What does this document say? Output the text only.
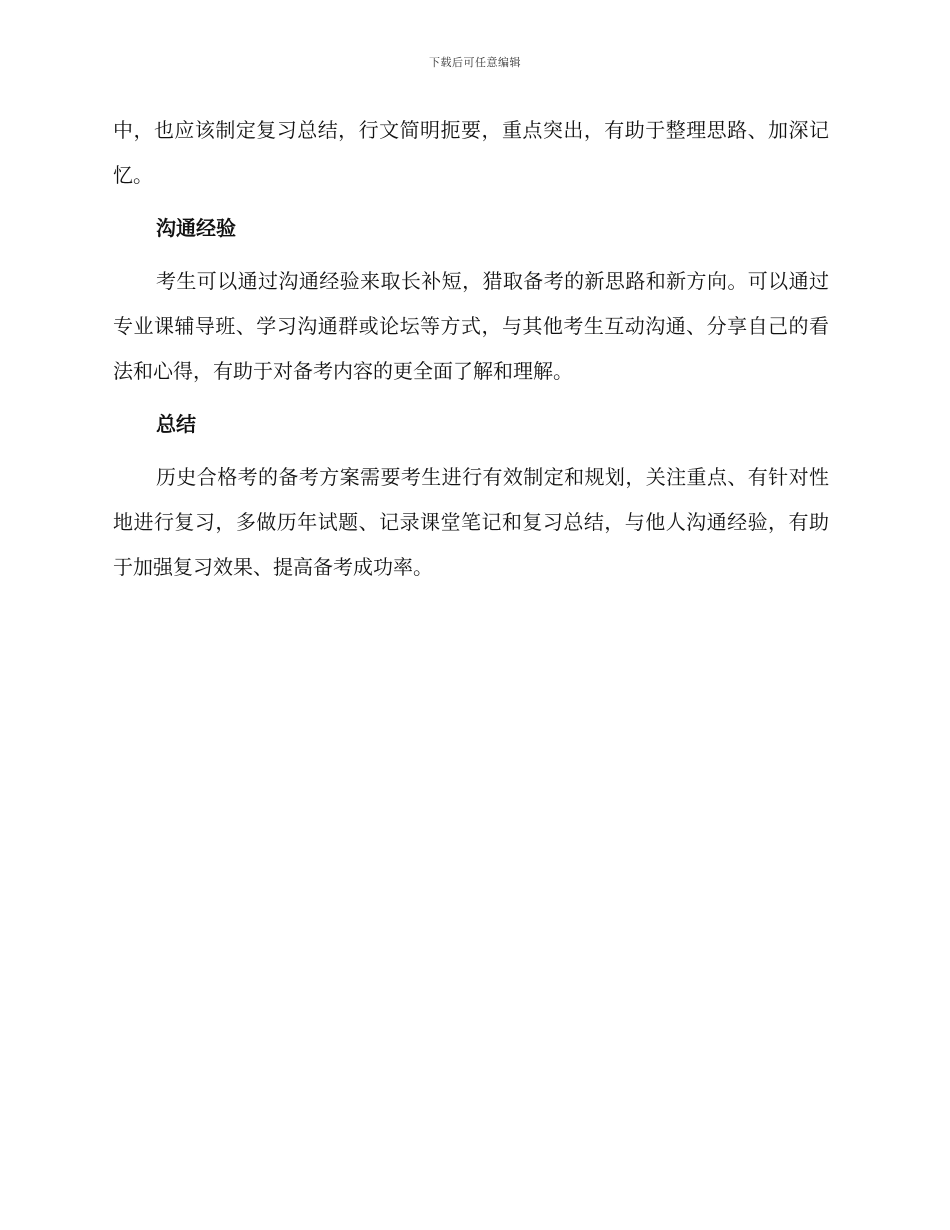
下载后可任意编辑

中，也应该制定复习总结，行文简明扼要，重点突出，有助于整理思路、加深记忆。

沟通经验

考生可以通过沟通经验来取长补短，猎取备考的新思路和新方向。可以通过专业课辅导班、学习沟通群或论坛等方式，与其他考生互动沟通、分享自己的看法和心得，有助于对备考内容的更全面了解和理解。

总结

历史合格考的备考方案需要考生进行有效制定和规划，关注重点、有针对性地进行复习，多做历年试题、记录课堂笔记和复习总结，与他人沟通经验，有助于加强复习效果、提高备考成功率。
